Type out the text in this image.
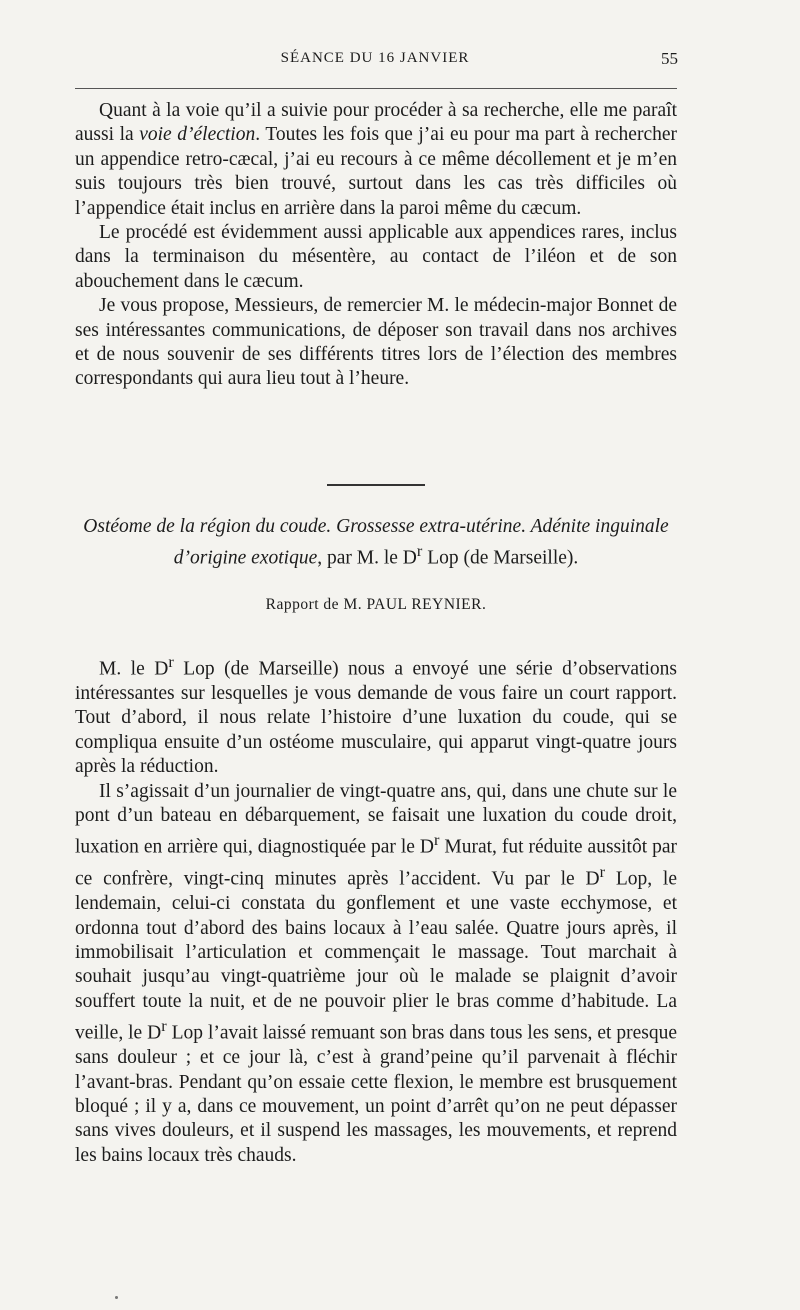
SÉANCE DU 16 JANVIER	55

Quant à la voie qu’il a suivie pour procéder à sa recherche, elle me paraît aussi la voie d’élection. Toutes les fois que j’ai eu pour ma part à rechercher un appendice retro-cæcal, j’ai eu recours à ce même décollement et je m’en suis toujours très bien trouvé, surtout dans les cas très difficiles où l’appendice était inclus en arrière dans la paroi même du cæcum.

Le procédé est évidemment aussi applicable aux appendices rares, inclus dans la terminaison du mésentère, au contact de l’iléon et de son abouchement dans le cæcum.

Je vous propose, Messieurs, de remercier M. le médecin-major Bonnet de ses intéressantes communications, de déposer son travail dans nos archives et de nous souvenir de ses différents titres lors de l’élection des membres correspondants qui aura lieu tout à l’heure.

Ostéome de la région du coude. Grossesse extra-utérine. Adénite inguinale d’origine exotique, par M. le $D^r$ Lop (de Marseille).
Rapport de M. PAUL REYNIER.

M. le $D^r$ Lop (de Marseille) nous a envoyé une série d’observations intéressantes sur lesquelles je vous demande de vous faire un court rapport. Tout d’abord, il nous relate l’histoire d’une luxation du coude, qui se compliqua ensuite d’un ostéome musculaire, qui apparut vingt-quatre jours après la réduction.

Il s’agissait d’un journalier de vingt-quatre ans, qui, dans une chute sur le pont d’un bateau en débarquement, se faisait une luxation du coude droit, luxation en arrière qui, diagnostiquée par le $D^r$ Murat, fut réduite aussitôt par ce confrère, vingt-cinq minutes après l’accident. Vu par le $D^r$ Lop, le lendemain, celui-ci constata du gonflement et une vaste ecchymose, et ordonna tout d’abord des bains locaux à l’eau salée. Quatre jours après, il immobilisait l’articulation et commençait le massage. Tout marchait à souhait jusqu’au vingt-quatrième jour où le malade se plaignit d’avoir souffert toute la nuit, et de ne pouvoir plier le bras comme d’habitude. La veille, le $D^r$ Lop l’avait laissé remuant son bras dans tous les sens, et presque sans douleur ; et ce jour là, c’est à grand’peine qu’il parvenait à fléchir l’avant-bras. Pendant qu’on essaie cette flexion, le membre est brusquement bloqué ; il y a, dans ce mouvement, un point d’arrêt qu’on ne peut dépasser sans vives douleurs, et il suspend les massages, les mouvements, et reprend les bains locaux très chauds.
